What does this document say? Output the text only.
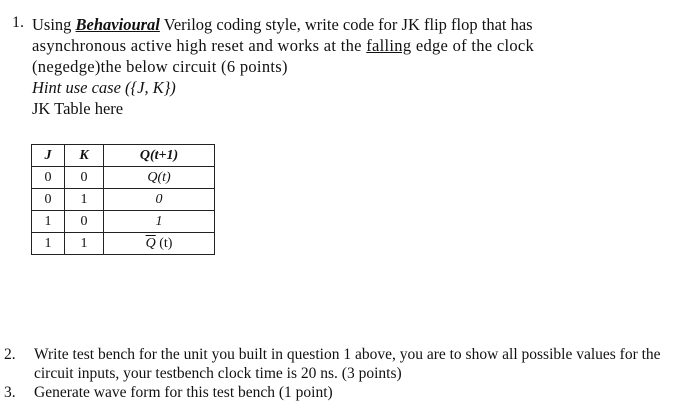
1. Using Behavioural Verilog coding style, write code for JK flip flop that has

asynchronous active high reset and works at the falling edge of the clock

(negedge)the below circuit (6 points)

Hint use case ({J, K})

JK Table here

J	K	Q(t+1)
0	0	Q(t)
0	1	0
1	0	1
1	1	$\overline{Q}$ (t)
2. Write test bench for the unit you built in question 1 above, you are to show all possible values for the circuit inputs, your testbench clock time is 20 ns. (3 points)
3. Generate wave form for this test bench (1 point)
